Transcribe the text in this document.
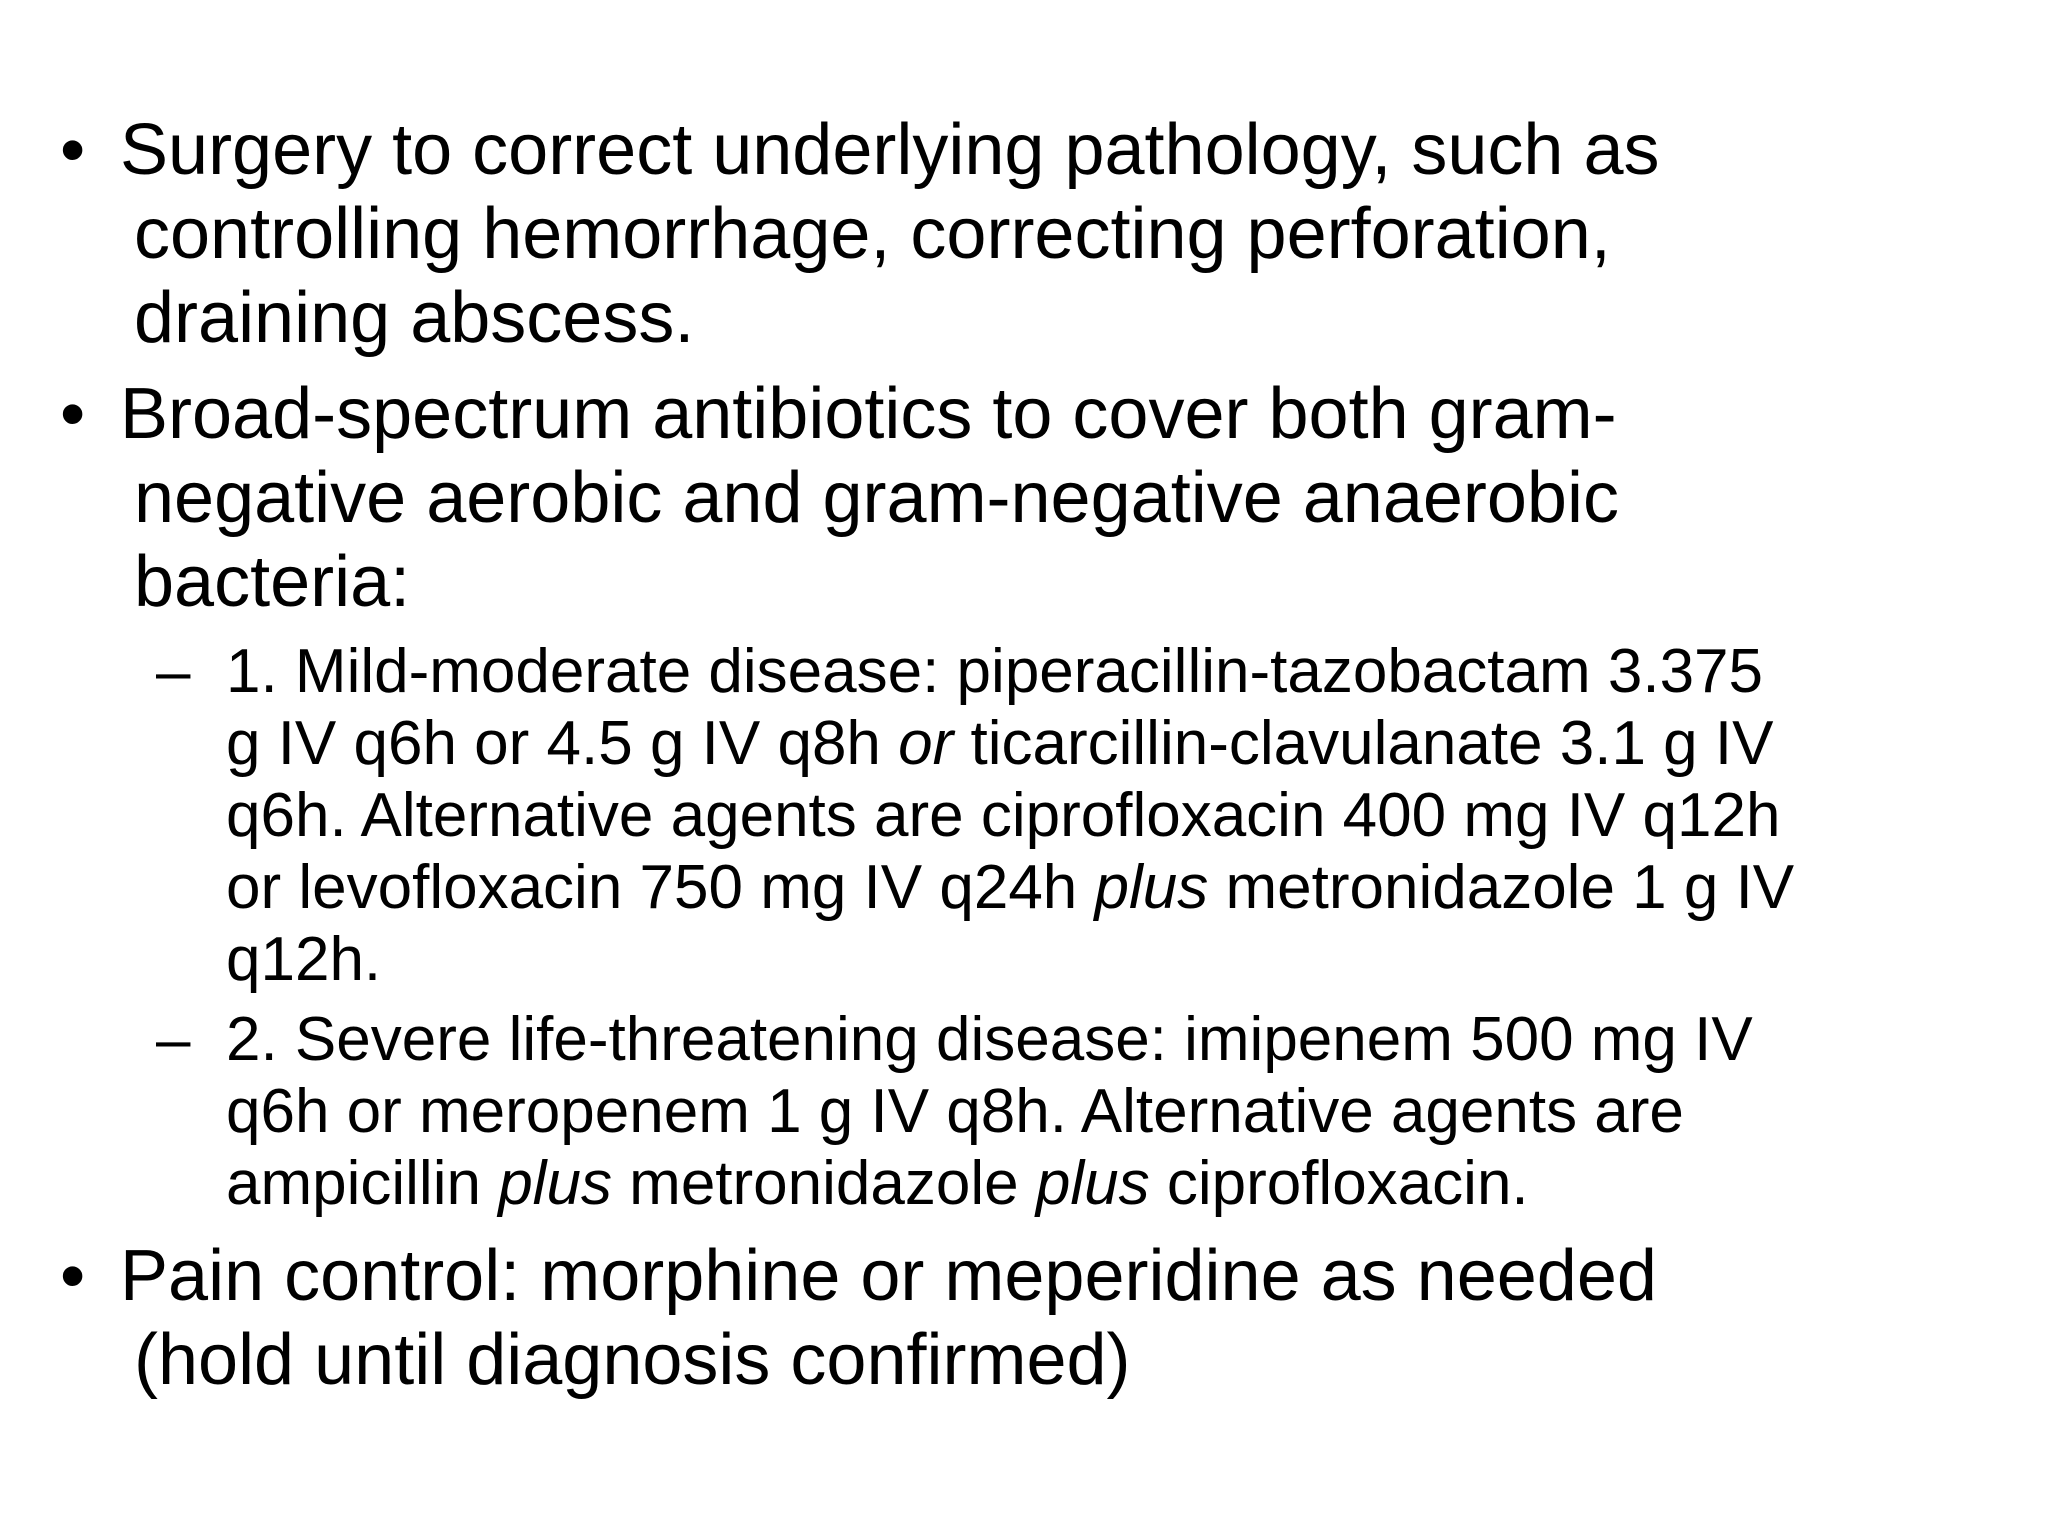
• Surgery to correct underlying pathology, such as
controlling hemorrhage, correcting perforation,
draining abscess.
• Broad-spectrum antibiotics to cover both gram-
negative aerobic and gram-negative anaerobic
bacteria:
– 1. Mild-moderate disease: piperacillin-tazobactam 3.375
g IV q6h or 4.5 g IV q8h or ticarcillin-clavulanate 3.1 g IV
q6h. Alternative agents are ciprofloxacin 400 mg IV q12h
or levofloxacin 750 mg IV q24h plus metronidazole 1 g IV
q12h.
– 2. Severe life-threatening disease: imipenem 500 mg IV
q6h or meropenem 1 g IV q8h. Alternative agents are
ampicillin plus metronidazole plus ciprofloxacin.
• Pain control: morphine or meperidine as needed
(hold until diagnosis confirmed)
